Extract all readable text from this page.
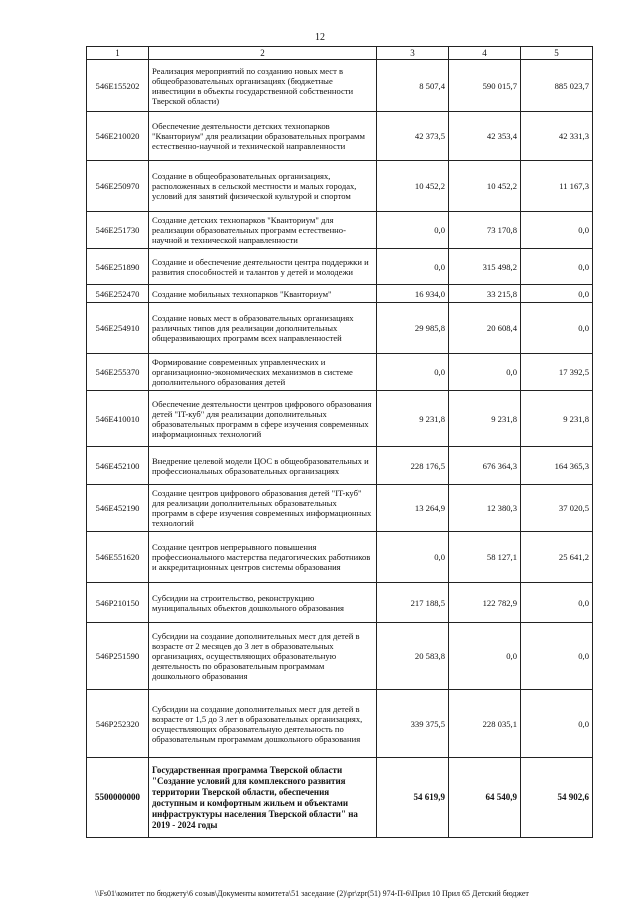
12
1	2	3	4	5
546E155202	Реализация мероприятий по созданию новых мест в общеобразовательных организациях (бюджетные инвестиции в объекты государственной собственности Тверской области)	8 507,4	590 015,7	885 023,7
546E210020	Обеспечение деятельности детских технопарков "Кванториум" для реализации образовательных программ естественно-научной и технической направленности	42 373,5	42 353,4	42 331,3
546E250970	Создание в общеобразовательных организациях, расположенных в сельской местности и малых городах, условий для занятий физической культурой и спортом	10 452,2	10 452,2	11 167,3
546E251730	Создание детских технопарков "Кванториум" для реализации образовательных программ естественно-научной и технической направленности	0,0	73 170,8	0,0
546E251890	Создание и обеспечение деятельности центра поддержки и развития способностей и талантов у детей и молодежи	0,0	315 498,2	0,0
546E252470	Создание мобильных технопарков "Кванториум"	16 934,0	33 215,8	0,0
546E254910	Создание новых мест в образовательных организациях различных типов для реализации дополнительных общеразвивающих программ всех направленностей	29 985,8	20 608,4	0,0
546E255370	Формирование современных управленческих и организационно-экономических механизмов в системе дополнительного образования детей	0,0	0,0	17 392,5
546E410010	Обеспечение деятельности центров цифрового образования детей "IT-куб" для реализации дополнительных образовательных программ в сфере изучения современных информационных технологий	9 231,8	9 231,8	9 231,8
546E452100	Внедрение целевой модели ЦОС в общеобразовательных и профессиональных образовательных организациях	228 176,5	676 364,3	164 365,3
546E452190	Создание центров цифрового образования детей "IT-куб" для реализации дополнительных образовательных программ в сфере изучения современных информационных технологий	13 264,9	12 380,3	37 020,5
546E551620	Создание центров непрерывного повышения профессионального мастерства педагогических работников и аккредитационных центров системы образования	0,0	58 127,1	25 641,2
546P210150	Субсидии на строительство, реконструкцию муниципальных объектов дошкольного образования	217 188,5	122 782,9	0,0
546P251590	Субсидии на создание дополнительных мест для детей в возрасте от 2 месяцев до 3 лет в образовательных организациях, осуществляющих образовательную деятельность по образовательным программам дошкольного образования	20 583,8	0,0	0,0
546P252320	Субсидии на создание дополнительных мест для детей в возрасте от 1,5 до 3 лет в образовательных организациях, осуществляющих образовательную деятельность по образовательным программам дошкольного образования	339 375,5	228 035,1	0,0
5500000000	Государственная программа Тверской области "Создание условий для комплексного развития территории Тверской области, обеспечения доступным и комфортным жильем и объектами инфраструктуры населения Тверской области" на 2019 - 2024 годы	54 619,9	64 540,9	54 902,6
\\Fs01\комитет по бюджету\6 созыв\Документы комитета\51 заседание (2)\pr\zpr(51) 974-П-6\Прил 10 Прил 65 Детский бюджет
